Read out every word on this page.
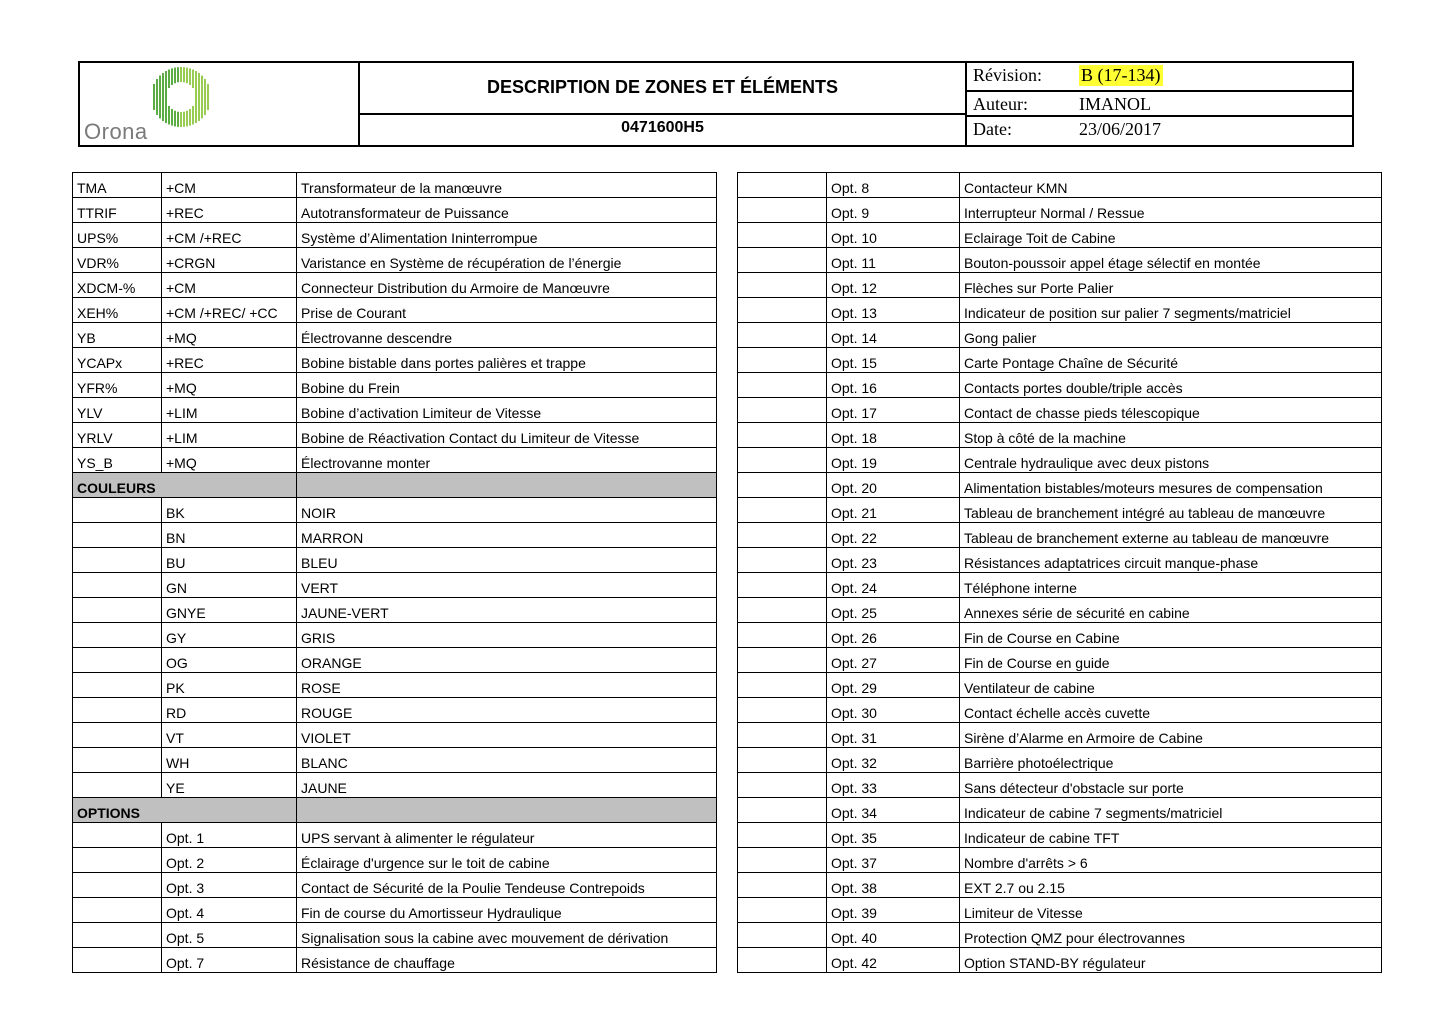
Orona
DESCRIPTION DE ZONES ET ÉLÉMENTS
0471600H5
Révision: B (17-134)
Auteur:	IMANOL
Date:	23/06/2017
TMA	+CM	Transformateur de la manœuvre
TTRIF	+REC	Autotransformateur de Puissance
UPS%	+CM /+REC	Système d’Alimentation Ininterrompue
VDR%	+CRGN	Varistance en Système de récupération de l’énergie
XDCM-%	+CM	Connecteur Distribution du Armoire de Manœuvre
XEH%	+CM /+REC/ +CC	Prise de Courant
YB	+MQ	Électrovanne descendre
YCAPx	+REC	Bobine bistable dans portes palières et trappe
YFR%	+MQ	Bobine du Frein
YLV	+LIM	Bobine d’activation Limiteur de Vitesse
YRLV	+LIM	Bobine de Réactivation Contact du Limiteur de Vitesse
YS_B	+MQ	Électrovanne monter
COULEURS		
	BK	NOIR
	BN	MARRON
	BU	BLEU
	GN	VERT
	GNYE	JAUNE-VERT
	GY	GRIS
	OG	ORANGE
	PK	ROSE
	RD	ROUGE
	VT	VIOLET
	WH	BLANC
	YE	JAUNE
OPTIONS		
	Opt. 1	UPS servant à alimenter le régulateur
	Opt. 2	Éclairage d'urgence sur le toit de cabine
	Opt. 3	Contact de Sécurité de la Poulie Tendeuse Contrepoids
	Opt. 4	Fin de course du Amortisseur Hydraulique
	Opt. 5	Signalisation sous la cabine avec mouvement de dérivation
	Opt. 7	Résistance de chauffage
	Opt. 8	Contacteur KMN
	Opt. 9	Interrupteur Normal / Ressue
	Opt. 10	Eclairage Toit de Cabine
	Opt. 11	Bouton-poussoir appel étage sélectif en montée
	Opt. 12	Flèches sur Porte Palier
	Opt. 13	Indicateur de position sur palier 7 segments/matriciel
	Opt. 14	Gong palier
	Opt. 15	Carte Pontage Chaîne de Sécurité
	Opt. 16	Contacts portes double/triple accès
	Opt. 17	Contact de chasse pieds télescopique
	Opt. 18	Stop à côté de la machine
	Opt. 19	Centrale hydraulique avec deux pistons
	Opt. 20	Alimentation bistables/moteurs mesures de compensation
	Opt. 21	Tableau de branchement intégré au tableau de manœuvre
	Opt. 22	Tableau de branchement externe au tableau de manœuvre
	Opt. 23	Résistances adaptatrices circuit manque-phase
	Opt. 24	Téléphone interne
	Opt. 25	Annexes série de sécurité en cabine
	Opt. 26	Fin de Course en Cabine
	Opt. 27	Fin de Course en guide
	Opt. 29	Ventilateur de cabine
	Opt. 30	Contact échelle accès cuvette
	Opt. 31	Sirène d’Alarme en Armoire de Cabine
	Opt. 32	Barrière photoélectrique
	Opt. 33	Sans détecteur d'obstacle sur porte
	Opt. 34	Indicateur de cabine 7 segments/matriciel
	Opt. 35	Indicateur de cabine TFT
	Opt. 37	Nombre d'arrêts > 6
	Opt. 38	EXT 2.7 ou 2.15
	Opt. 39	Limiteur de Vitesse
	Opt. 40	Protection QMZ pour électrovannes
	Opt. 42	Option STAND-BY régulateur
